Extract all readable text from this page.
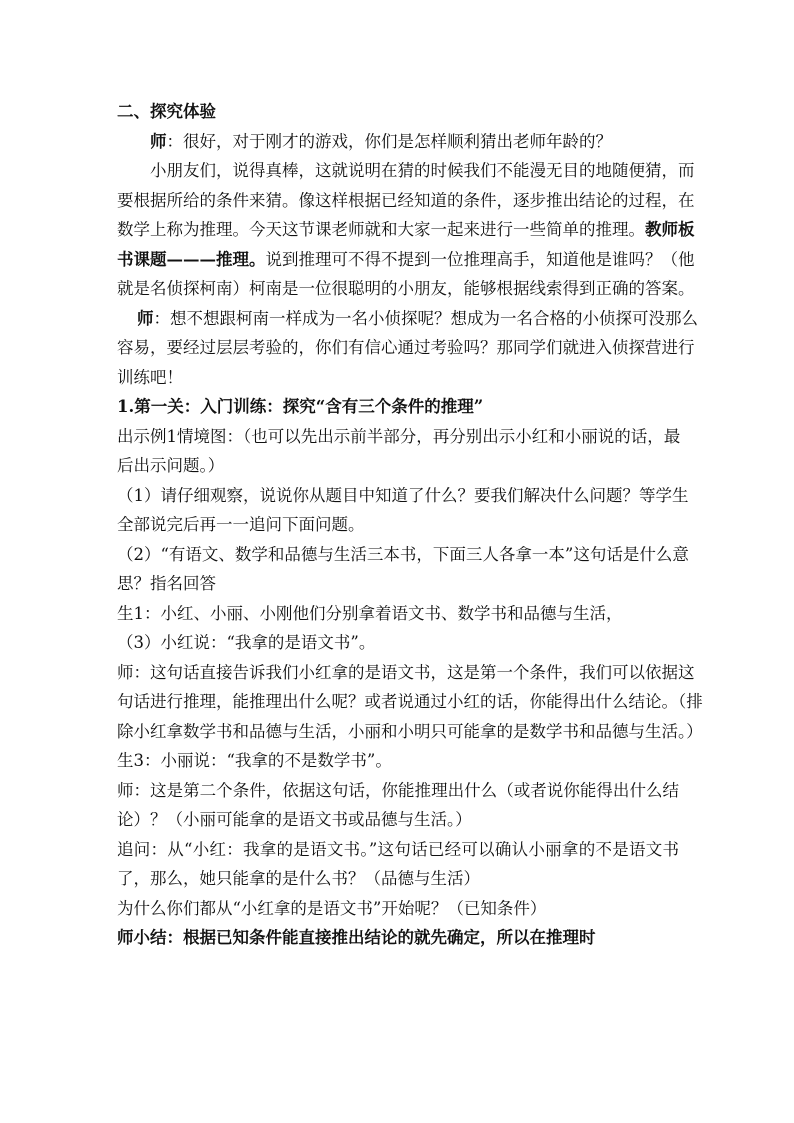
二、探究体验
师：很好，对于刚才的游戏，你们是怎样顺利猜出老师年龄的？
小朋友们，说得真棒，这就说明在猜的时候我们不能漫无目的地随便猜，而
要根据所给的条件来猜。像这样根据已经知道的条件，逐步推出结论的过程，在
数学上称为推理。今天这节课老师就和大家一起来进行一些简单的推理。教师板
书课题———推理。说到推理可不得不提到一位推理高手，知道他是谁吗？（他
就是名侦探柯南）柯南是一位很聪明的小朋友，能够根据线索得到正确的答案。
师：想不想跟柯南一样成为一名小侦探呢？想成为一名合格的小侦探可没那么
容易，要经过层层考验的，你们有信心通过考验吗？那同学们就进入侦探营进行
训练吧！
1.第一关：入门训练：探究“含有三个条件的推理”
出示例1情境图：（也可以先出示前半部分，再分别出示小红和小丽说的话，最
后出示问题。）
（1）请仔细观察，说说你从题目中知道了什么？要我们解决什么问题？等学生
全部说完后再一一追问下面问题。
（2）“有语文、数学和品德与生活三本书，下面三人各拿一本”这句话是什么意
思？指名回答
生1：小红、小丽、小刚他们分别拿着语文书、数学书和品德与生活，
（3）小红说：“我拿的是语文书”。
师：这句话直接告诉我们小红拿的是语文书，这是第一个条件，我们可以依据这
句话进行推理，能推理出什么呢？或者说通过小红的话，你能得出什么结论。（排
除小红拿数学书和品德与生活，小丽和小明只可能拿的是数学书和品德与生活。）
生3：小丽说：“我拿的不是数学书”。
师：这是第二个条件，依据这句话，你能推理出什么（或者说你能得出什么结
论）？（小丽可能拿的是语文书或品德与生活。）
追问：从“小红：我拿的是语文书。”这句话已经可以确认小丽拿的不是语文书
了，那么，她只能拿的是什么书？（品德与生活）
为什么你们都从“小红拿的是语文书”开始呢？（已知条件）
师小结：根据已知条件能直接推出结论的就先确定，所以在推理时
